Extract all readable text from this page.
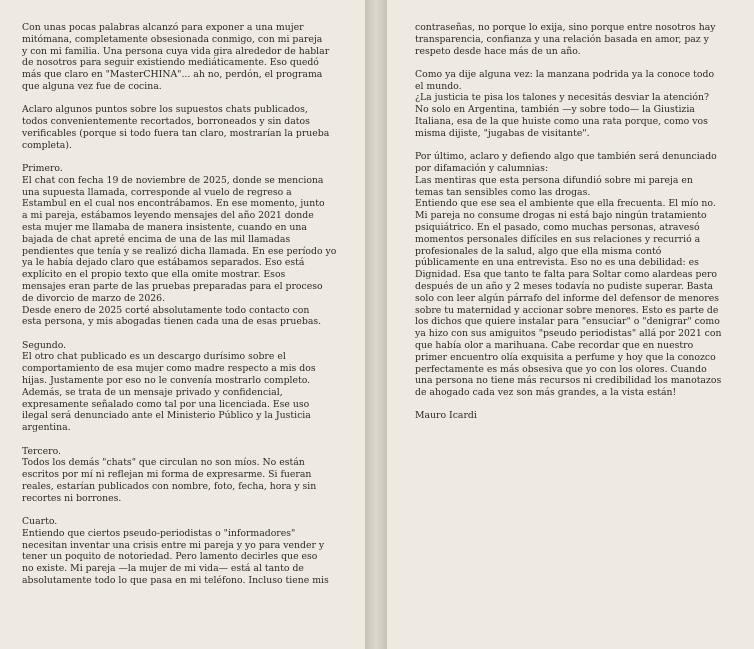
Con unas pocas palabras alcanzó para exponer a una mujer
mitómana, completamente obsesionada conmigo, con mi pareja
y con mi familia. Una persona cuya vida gira alrededor de hablar
de nosotros para seguir existiendo mediáticamente. Eso quedó
más que claro en "MasterCHINA"... ah no, perdón, el programa
que alguna vez fue de cocina.

Aclaro algunos puntos sobre los supuestos chats publicados,
todos convenientemente recortados, borroneados y sin datos
verificables (porque si todo fuera tan claro, mostrarían la prueba
completa).

Primero.
El chat con fecha 19 de noviembre de 2025, donde se menciona
una supuesta llamada, corresponde al vuelo de regreso a
Estambul en el cual nos encontrábamos. En ese momento, junto
a mi pareja, estábamos leyendo mensajes del año 2021 donde
esta mujer me llamaba de manera insistente, cuando en una
bajada de chat apreté encima de una de las mil llamadas
pendientes que tenía y se realizó dicha llamada. En ese período yo
ya le había dejado claro que estábamos separados. Eso está
explícito en el propio texto que ella omite mostrar. Esos
mensajes eran parte de las pruebas preparadas para el proceso
de divorcio de marzo de 2026.
Desde enero de 2025 corté absolutamente todo contacto con
esta persona, y mis abogadas tienen cada una de esas pruebas.

Segundo.
El otro chat publicado es un descargo durísimo sobre el
comportamiento de esa mujer como madre respecto a mis dos
hijas. Justamente por eso no le convenía mostrarlo completo.
Además, se trata de un mensaje privado y confidencial,
expresamente señalado como tal por una licenciada. Ese uso
ilegal será denunciado ante el Ministerio Público y la Justicia
argentina.

Tercero.
Todos los demás "chats" que circulan no son míos. No están
escritos por mí ni reflejan mi forma de expresarme. Si fueran
reales, estarían publicados con nombre, foto, fecha, hora y sin
recortes ni borrones.

Cuarto.
Entiendo que ciertos pseudo-periodistas o "informadores"
necesitan inventar una crisis entre mi pareja y yo para vender y
tener un poquito de notoriedad. Pero lamento decirles que eso
no existe. Mi pareja —la mujer de mi vida— está al tanto de
absolutamente todo lo que pasa en mi teléfono. Incluso tiene mis

contraseñas, no porque lo exija, sino porque entre nosotros hay
transparencia, confianza y una relación basada en amor, paz y
respeto desde hace más de un año.

Como ya dije alguna vez: la manzana podrida ya la conoce todo
el mundo.
¿La justicia te pisa los talones y necesitás desviar la atención?
No solo en Argentina, también —y sobre todo— la Giustizia
Italiana, esa de la que huiste como una rata porque, como vos
misma dijiste, "jugabas de visitante".

Por último, aclaro y defiendo algo que también será denunciado
por difamación y calumnias:
Las mentiras que esta persona difundió sobre mi pareja en
temas tan sensibles como las drogas.
Entiendo que ese sea el ambiente que ella frecuenta. El mío no.
Mi pareja no consume drogas ni está bajo ningún tratamiento
psiquiátrico. En el pasado, como muchas personas, atravesó
momentos personales difíciles en sus relaciones y recurrió a
profesionales de la salud, algo que ella misma contó
públicamente en una entrevista. Eso no es una debilidad: es
Dignidad. Esa que tanto te falta para Soltar como alardeas pero
después de un año y 2 meses todavía no pudiste superar. Basta
solo con leer algún párrafo del informe del defensor de menores
sobre tu maternidad y accionar sobre menores. Esto es parte de
los dichos que quiere instalar para "ensuciar" o "denigrar" como
ya hizo con sus amiguitos "pseudo periodistas" allá por 2021 con
que había olor a marihuana. Cabe recordar que en nuestro
primer encuentro olía exquisita a perfume y hoy que la conozco
perfectamente es más obsesiva que yo con los olores. Cuando
una persona no tiene más recursos ni credibilidad los manotazos
de ahogado cada vez son más grandes, a la vista están!

Mauro Icardi
